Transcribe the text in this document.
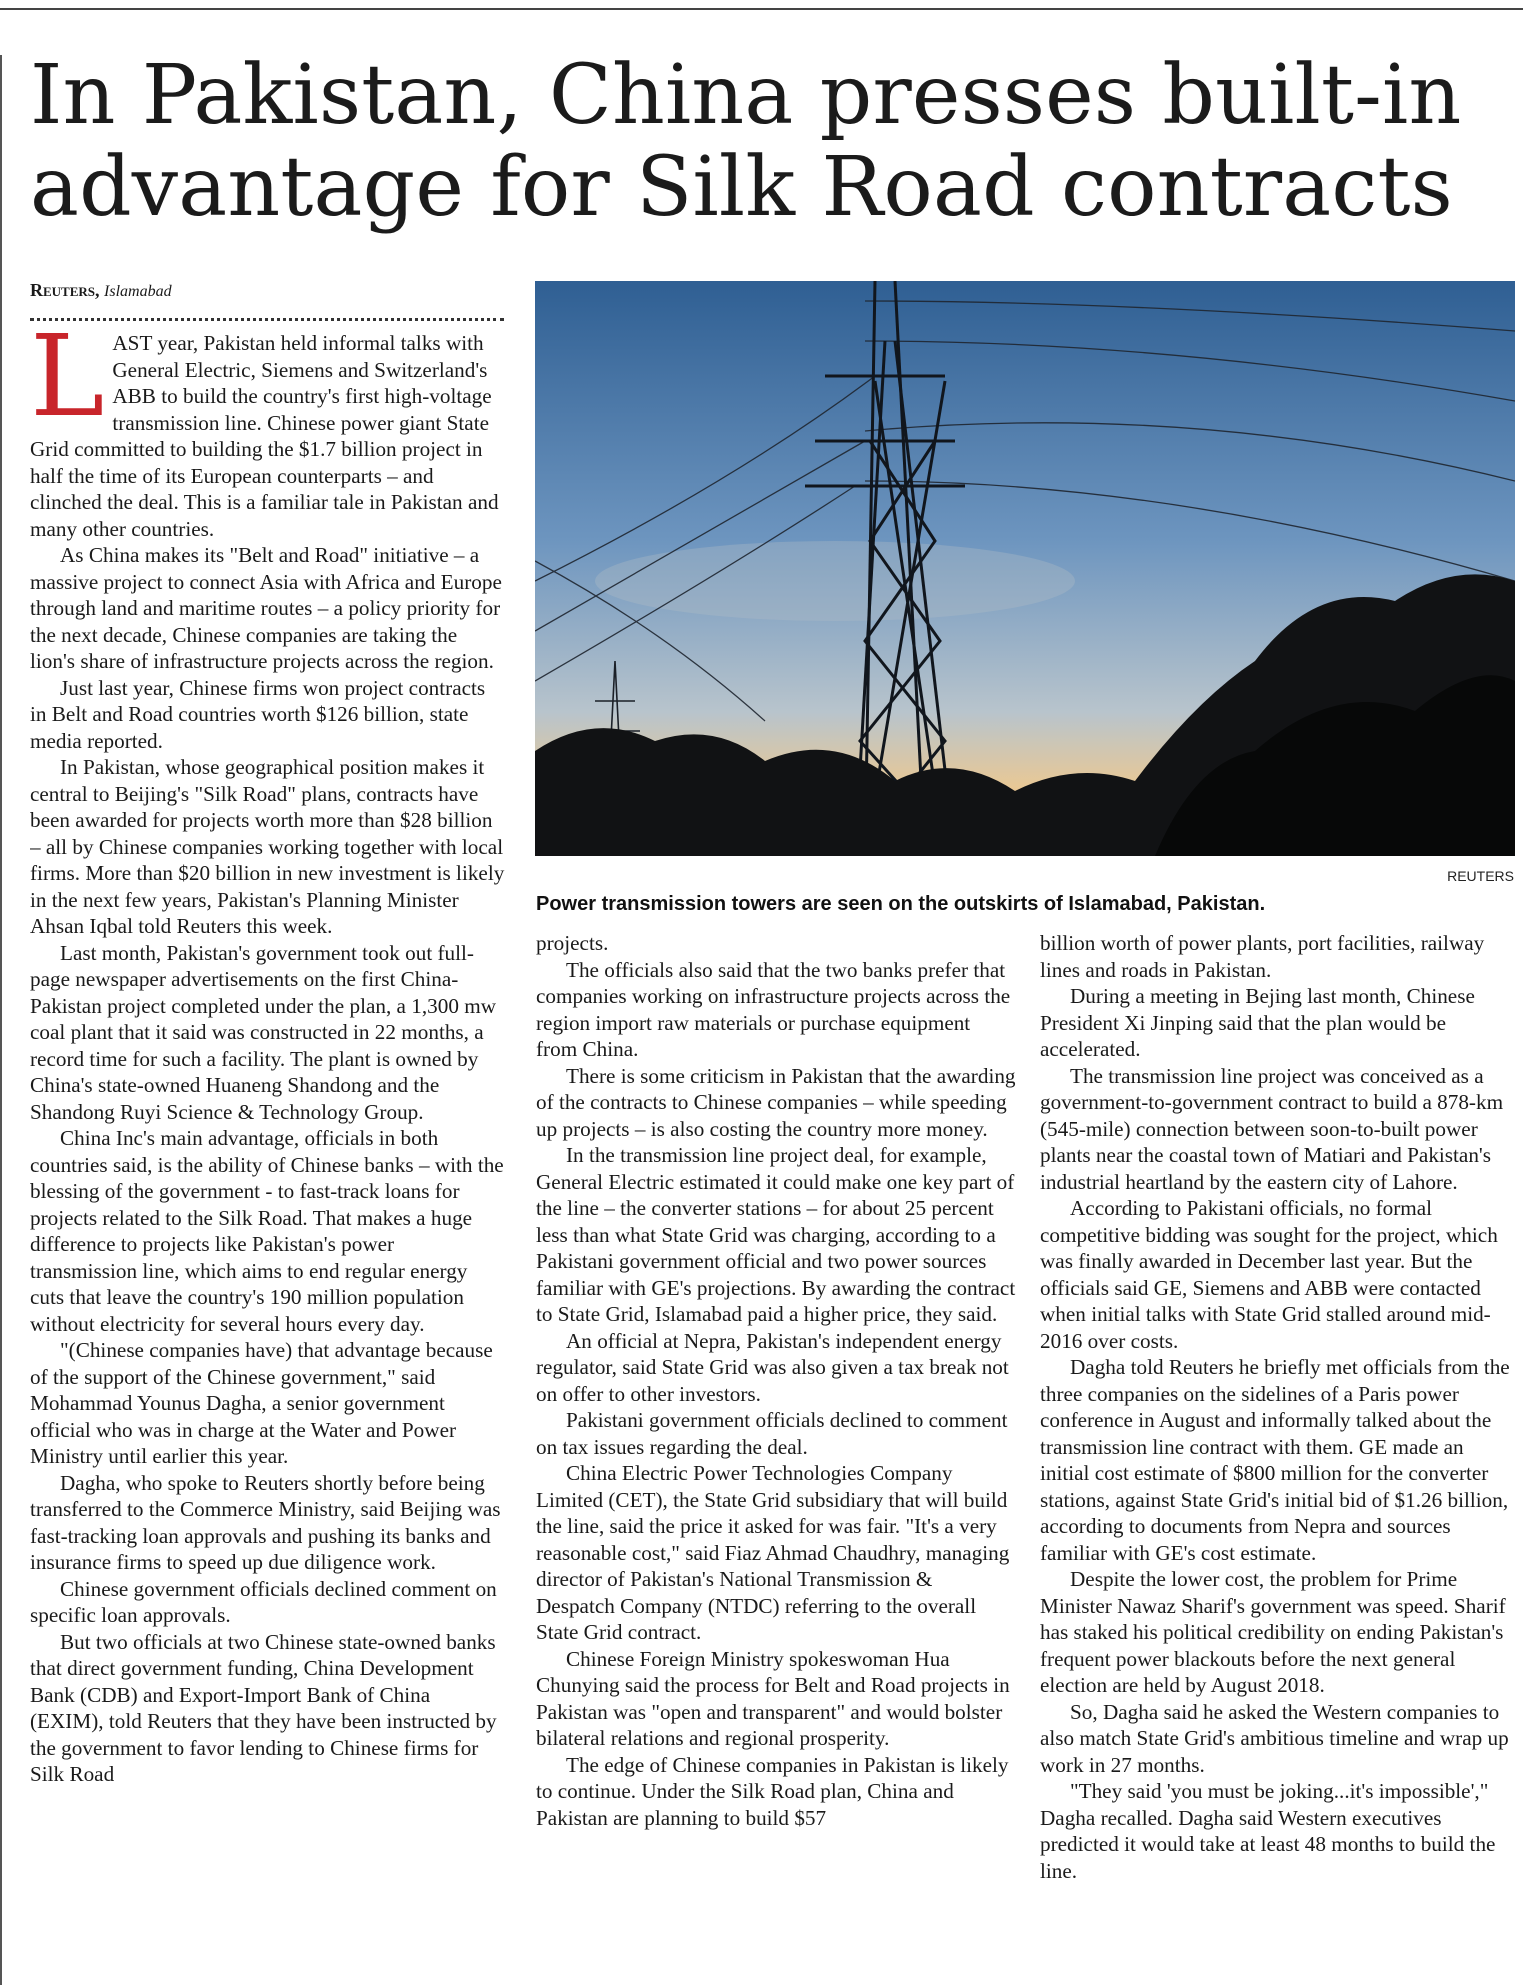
In Pakistan, China presses built-in advantage for Silk Road contracts
Reuters, Islamabad

LAST year, Pakistan held informal talks with General Electric, Siemens and Switzerland's ABB to build the country's first high-voltage transmission line. Chinese power giant State Grid committed to building the $1.7 billion project in half the time of its European counterparts – and clinched the deal. This is a familiar tale in Pakistan and many other countries.

As China makes its "Belt and Road" initiative – a massive project to connect Asia with Africa and Europe through land and maritime routes – a policy priority for the next decade, Chinese companies are taking the lion's share of infrastructure projects across the region.

Just last year, Chinese firms won project contracts in Belt and Road countries worth $126 billion, state media reported.

In Pakistan, whose geographical position makes it central to Beijing's "Silk Road" plans, contracts have been awarded for projects worth more than $28 billion – all by Chinese companies working together with local firms. More than $20 billion in new investment is likely in the next few years, Pakistan's Planning Minister Ahsan Iqbal told Reuters this week.

Last month, Pakistan's government took out full-page newspaper advertisements on the first China-Pakistan project completed under the plan, a 1,300 mw coal plant that it said was constructed in 22 months, a record time for such a facility. The plant is owned by China's state-owned Huaneng Shandong and the Shandong Ruyi Science & Technology Group.

China Inc's main advantage, officials in both countries said, is the ability of Chinese banks – with the blessing of the government - to fast-track loans for projects related to the Silk Road. That makes a huge difference to projects like Pakistan's power transmission line, which aims to end regular energy cuts that leave the country's 190 million population without electricity for several hours every day.

"(Chinese companies have) that advantage because of the support of the Chinese government," said Mohammad Younus Dagha, a senior government official who was in charge at the Water and Power Ministry until earlier this year.

Dagha, who spoke to Reuters shortly before being transferred to the Commerce Ministry, said Beijing was fast-tracking loan approvals and pushing its banks and insurance firms to speed up due diligence work.

Chinese government officials declined comment on specific loan approvals.

But two officials at two Chinese state-owned banks that direct government funding, China Development Bank (CDB) and Export-Import Bank of China (EXIM), told Reuters that they have been instructed by the government to favor lending to Chinese firms for Silk Road

REUTERS
Power transmission towers are seen on the outskirts of Islamabad, Pakistan.

projects.

The officials also said that the two banks prefer that companies working on infrastructure projects across the region import raw materials or purchase equipment from China.

There is some criticism in Pakistan that the awarding of the contracts to Chinese companies – while speeding up projects – is also costing the country more money.

In the transmission line project deal, for example, General Electric estimated it could make one key part of the line – the converter stations – for about 25 percent less than what State Grid was charging, according to a Pakistani government official and two power sources familiar with GE's projections. By awarding the contract to State Grid, Islamabad paid a higher price, they said.

An official at Nepra, Pakistan's independent energy regulator, said State Grid was also given a tax break not on offer to other investors.

Pakistani government officials declined to comment on tax issues regarding the deal.

China Electric Power Technologies Company Limited (CET), the State Grid subsidiary that will build the line, said the price it asked for was fair. "It's a very reasonable cost," said Fiaz Ahmad Chaudhry, managing director of Pakistan's National Transmission & Despatch Company (NTDC) referring to the overall State Grid contract.

Chinese Foreign Ministry spokeswoman Hua Chunying said the process for Belt and Road projects in Pakistan was "open and transparent" and would bolster bilateral relations and regional prosperity.

The edge of Chinese companies in Pakistan is likely to continue. Under the Silk Road plan, China and Pakistan are planning to build $57

billion worth of power plants, port facilities, railway lines and roads in Pakistan.

During a meeting in Bejing last month, Chinese President Xi Jinping said that the plan would be accelerated.

The transmission line project was conceived as a government-to-government contract to build a 878-km (545-mile) connection between soon-to-built power plants near the coastal town of Matiari and Pakistan's industrial heartland by the eastern city of Lahore.

According to Pakistani officials, no formal competitive bidding was sought for the project, which was finally awarded in December last year. But the officials said GE, Siemens and ABB were contacted when initial talks with State Grid stalled around mid-2016 over costs.

Dagha told Reuters he briefly met officials from the three companies on the sidelines of a Paris power conference in August and informally talked about the transmission line contract with them. GE made an initial cost estimate of $800 million for the converter stations, against State Grid's initial bid of $1.26 billion, according to documents from Nepra and sources familiar with GE's cost estimate.

Despite the lower cost, the problem for Prime Minister Nawaz Sharif's government was speed. Sharif has staked his political credibility on ending Pakistan's frequent power blackouts before the next general election are held by August 2018.

So, Dagha said he asked the Western companies to also match State Grid's ambitious timeline and wrap up work in 27 months.

"They said 'you must be joking...it's impossible'," Dagha recalled. Dagha said Western executives predicted it would take at least 48 months to build the line.
